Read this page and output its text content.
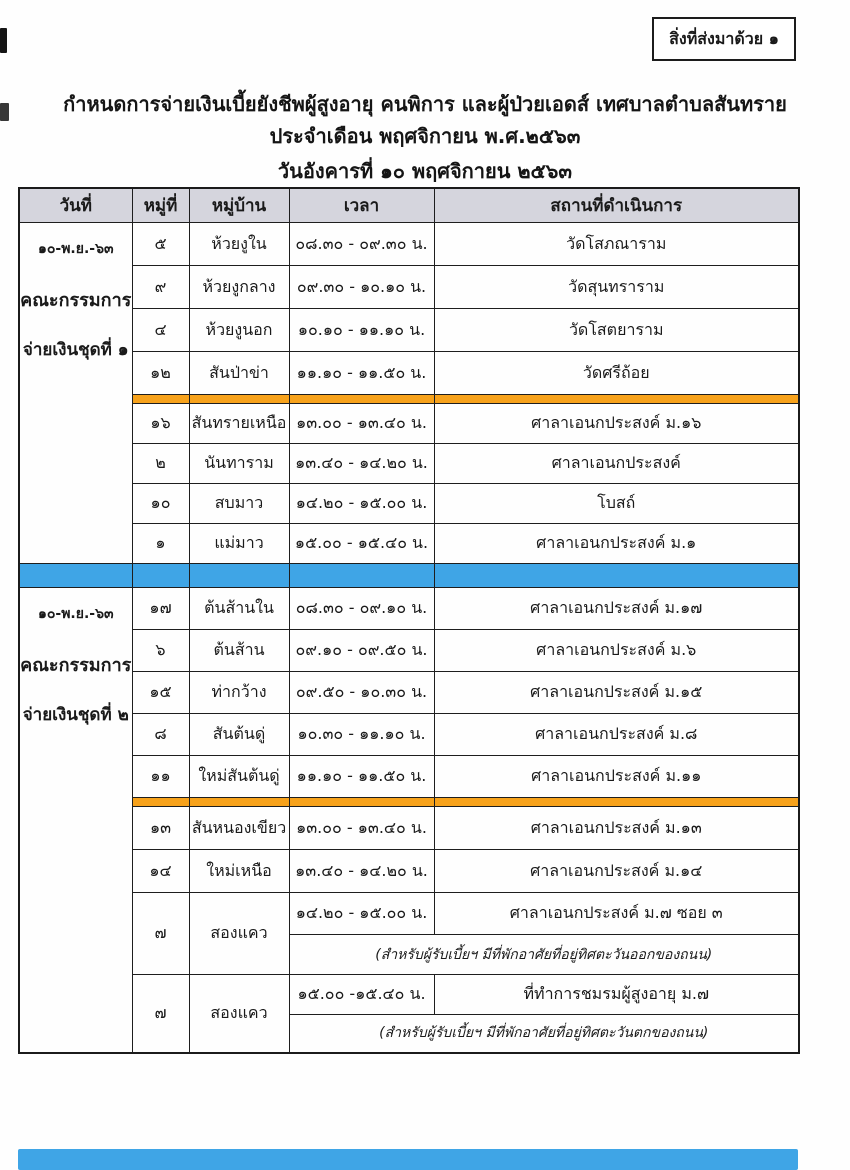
สิ่งที่ส่งมาด้วย ๑
กำหนดการจ่ายเงินเบี้ยยังชีพผู้สูงอายุ คนพิการ และผู้ป่วยเอดส์ เทศบาลตำบลสันทราย
ประจำเดือน พฤศจิกายน พ.ศ.๒๕๖๓
วันอังคารที่ ๑๐ พฤศจิกายน ๒๕๖๓
วันที่	หมู่ที่	หมู่บ้าน	เวลา	สถานที่ดำเนินการ

๑๐-พ.ย.-๖๓
คณะกรรมการ
จ่ายเงินชุดที่ ๑	๕	ห้วยงูใน	๐๘.๓๐ - ๐๙.๓๐ น.	วัดโสภณาราม
	๙	ห้วยงูกลาง	๐๙.๓๐ - ๑๐.๑๐ น.	วัดสุนทราราม
	๔	ห้วยงูนอก	๑๐.๑๐ - ๑๑.๑๐ น.	วัดโสตยาราม
	๑๒	สันป่าข่า	๑๑.๑๐ - ๑๑.๕๐ น.	วัดศรีถ้อย

	๑๖	สันทรายเหนือ	๑๓.๐๐ - ๑๓.๔๐ น.	ศาลาเอนกประสงค์ ม.๑๖
	๒	นันทาราม	๑๓.๔๐ - ๑๔.๒๐ น.	ศาลาเอนกประสงค์
	๑๐	สบมาว	๑๔.๒๐ - ๑๕.๐๐ น.	โบสถ์
	๑	แม่มาว	๑๕.๐๐ - ๑๕.๔๐ น.	ศาลาเอนกประสงค์ ม.๑

๑๐-พ.ย.-๖๓
คณะกรรมการ
จ่ายเงินชุดที่ ๒	๑๗	ต้นส้านใน	๐๘.๓๐ - ๐๙.๑๐ น.	ศาลาเอนกประสงค์ ม.๑๗
	๖	ต้นส้าน	๐๙.๑๐ - ๐๙.๕๐ น.	ศาลาเอนกประสงค์ ม.๖
	๑๕	ท่ากว้าง	๐๙.๕๐ - ๑๐.๓๐ น.	ศาลาเอนกประสงค์ ม.๑๕
	๘	สันต้นดู่	๑๐.๓๐ - ๑๑.๑๐ น.	ศาลาเอนกประสงค์ ม.๘
	๑๑	ใหม่สันต้นดู่	๑๑.๑๐ - ๑๑.๕๐ น.	ศาลาเอนกประสงค์ ม.๑๑

	๑๓	สันหนองเขียว	๑๓.๐๐ - ๑๓.๔๐ น.	ศาลาเอนกประสงค์ ม.๑๓
	๑๔	ใหม่เหนือ	๑๓.๔๐ - ๑๔.๒๐ น.	ศาลาเอนกประสงค์ ม.๑๔
	๗	สองแคว	๑๔.๒๐ - ๑๕.๐๐ น.	ศาลาเอนกประสงค์ ม.๗ ซอย ๓
			(สำหรับผู้รับเบี้ยฯ มีที่พักอาศัยที่อยู่ทิศตะวันออกของถนน)	
	๗	สองแคว	๑๕.๐๐ -๑๕.๔๐ น.	ที่ทำการชมรมผู้สูงอายุ ม.๗
			(สำหรับผู้รับเบี้ยฯ มีที่พักอาศัยที่อยู่ทิศตะวันตกของถนน)	
